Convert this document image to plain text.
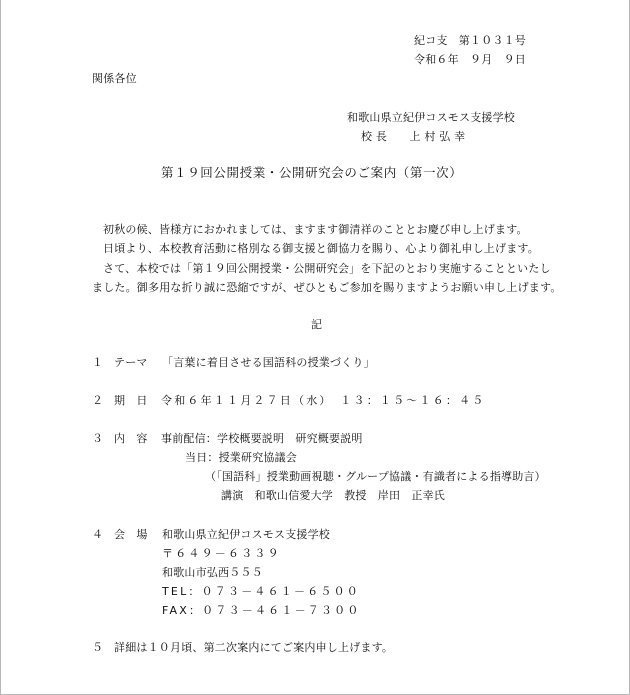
紀コ支　第１０３１号
令和６年　９月　９日
関係各位
和歌山県立紀伊コスモス支援学校
校 長　　上 村 弘 幸
第１９回公開授業・公開研究会のご案内（第一次）
初秋の候、皆様方におかれましては、ますます御清祥のこととお慶び申し上げます。
日頃より、本校教育活動に格別なる御支援と御協力を賜り、心より御礼申し上げます。
さて、本校では「第１９回公開授業・公開研究会」を下記のとおり実施することといたし
ました。御多用な折り誠に恐縮ですが、ぜひともご参加を賜りますようお願い申し上げます。
記
１ テーマ 「言葉に着目させる国語科の授業づくり」
２ 期　日 令和６年１１月２７日（水）　１３：１５～１６：４５
３ 内　容 事前配信：学校概要説明　研究概要説明
当日：授業研究協議会
（「国語科」授業動画視聴・グループ協議・有識者による指導助言）
講演　和歌山信愛大学　教授　岸田　正幸氏
４ 会　場 和歌山県立紀伊コスモス支援学校
〒６４９－６３３９
和歌山市弘西５５５
TEL：０７３－４６１－６５００
FAX：０７３－４６１－７３００
５ 詳細は１０月頃、第二次案内にてご案内申し上げます。
